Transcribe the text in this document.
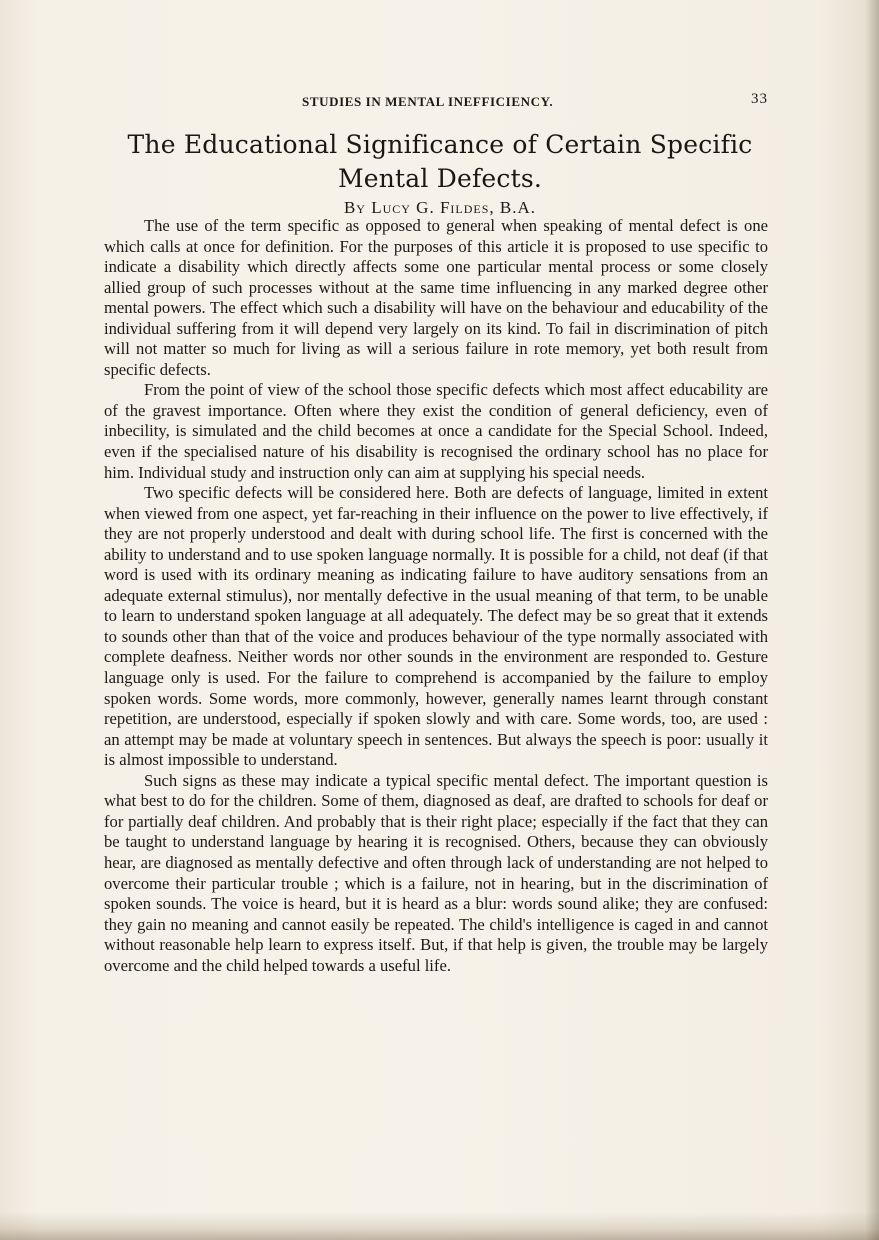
STUDIES IN MENTAL INEFFICIENCY.	33
The Educational Significance of Certain Specific
Mental Defects.
By Lucy G. Fildes, B.A.

The use of the term specific as opposed to general when speaking of mental defect is one which calls at once for definition. For the purposes of this article it is proposed to use specific to indicate a disability which directly affects some one particular mental process or some closely allied group of such processes without at the same time influencing in any marked degree other mental powers. The effect which such a disability will have on the behaviour and educability of the individual suffering from it will depend very largely on its kind. To fail in discrimination of pitch will not matter so much for living as will a serious failure in rote memory, yet both result from specific defects.

From the point of view of the school those specific defects which most affect educability are of the gravest importance. Often where they exist the condition of general deficiency, even of inbecility, is simulated and the child becomes at once a candidate for the Special School. Indeed, even if the specialised nature of his disability is recognised the ordinary school has no place for him. Individual study and instruction only can aim at supplying his special needs.

Two specific defects will be considered here. Both are defects of language, limited in extent when viewed from one aspect, yet far-reaching in their influence on the power to live effectively, if they are not properly understood and dealt with during school life. The first is concerned with the ability to understand and to use spoken language normally. It is possible for a child, not deaf (if that word is used with its ordinary meaning as indicating failure to have auditory sensations from an adequate external stimulus), nor mentally defective in the usual meaning of that term, to be unable to learn to understand spoken language at all adequately. The defect may be so great that it extends to sounds other than that of the voice and produces behaviour of the type normally associated with complete deafness. Neither words nor other sounds in the environment are responded to. Gesture language only is used. For the failure to comprehend is accompanied by the failure to employ spoken words. Some words, more commonly, however, generally names learnt through constant repetition, are understood, especially if spoken slowly and with care. Some words, too, are used : an attempt may be made at voluntary speech in sentences. But always the speech is poor: usually it is almost impossible to understand.

Such signs as these may indicate a typical specific mental defect. The important question is what best to do for the children. Some of them, diagnosed as deaf, are drafted to schools for deaf or for partially deaf children. And probably that is their right place; especially if the fact that they can be taught to understand language by hearing it is recognised. Others, because they can obviously hear, are diagnosed as mentally defective and often through lack of understanding are not helped to overcome their particular trouble ; which is a failure, not in hearing, but in the discrimination of spoken sounds. The voice is heard, but it is heard as a blur: words sound alike; they are confused: they gain no meaning and cannot easily be repeated. The child's intelligence is caged in and cannot without reasonable help learn to express itself. But, if that help is given, the trouble may be largely overcome and the child helped towards a useful life.
